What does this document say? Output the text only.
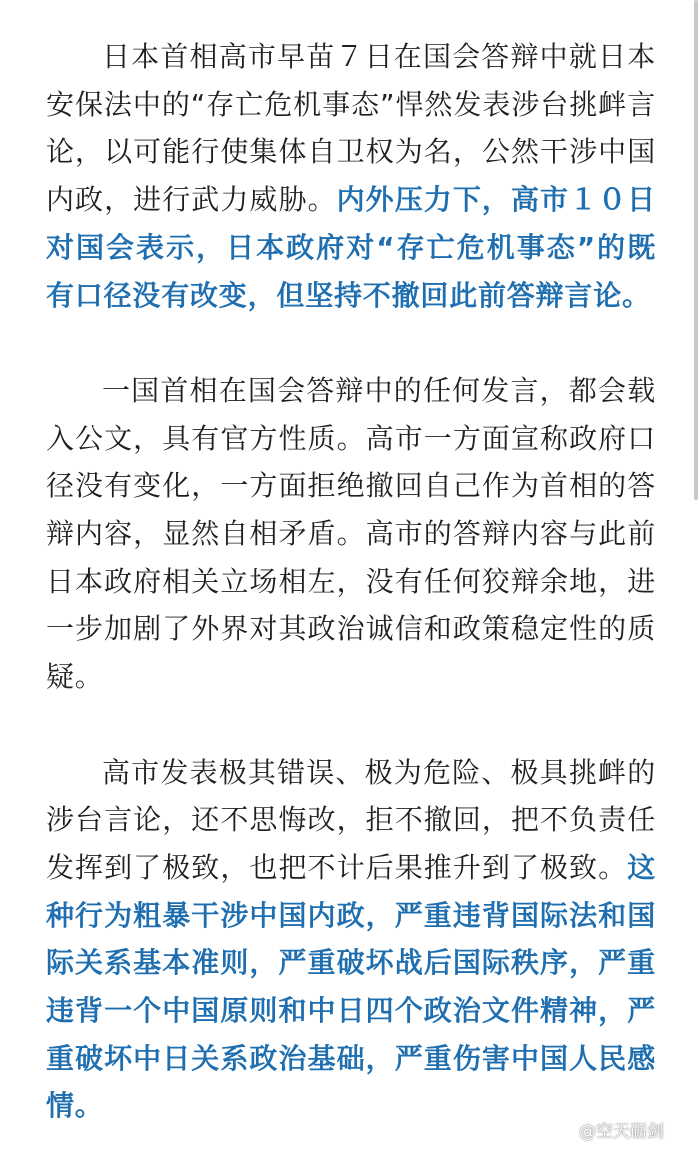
日本首相高市早苗７日在国会答辩中就日本安保法中的“存亡危机事态”悍然发表涉台挑衅言论，以可能行使集体自卫权为名，公然干涉中国内政，进行武力威胁。内外压力下，高市１０日对国会表示，日本政府对“存亡危机事态”的既有口径没有改变，但坚持不撤回此前答辩言论。

一国首相在国会答辩中的任何发言，都会载入公文，具有官方性质。高市一方面宣称政府口径没有变化，一方面拒绝撤回自己作为首相的答辩内容，显然自相矛盾。高市的答辩内容与此前日本政府相关立场相左，没有任何狡辩余地，进一步加剧了外界对其政治诚信和政策稳定性的质疑。

高市发表极其错误、极为危险、极具挑衅的涉台言论，还不思悔改，拒不撤回，把不负责任发挥到了极致，也把不计后果推升到了极致。这种行为粗暴干涉中国内政，严重违背国际法和国际关系基本准则，严重破坏战后国际秩序，严重违背一个中国原则和中日四个政治文件精神，严重破坏中日关系政治基础，严重伤害中国人民感情。

@空天砺剑
